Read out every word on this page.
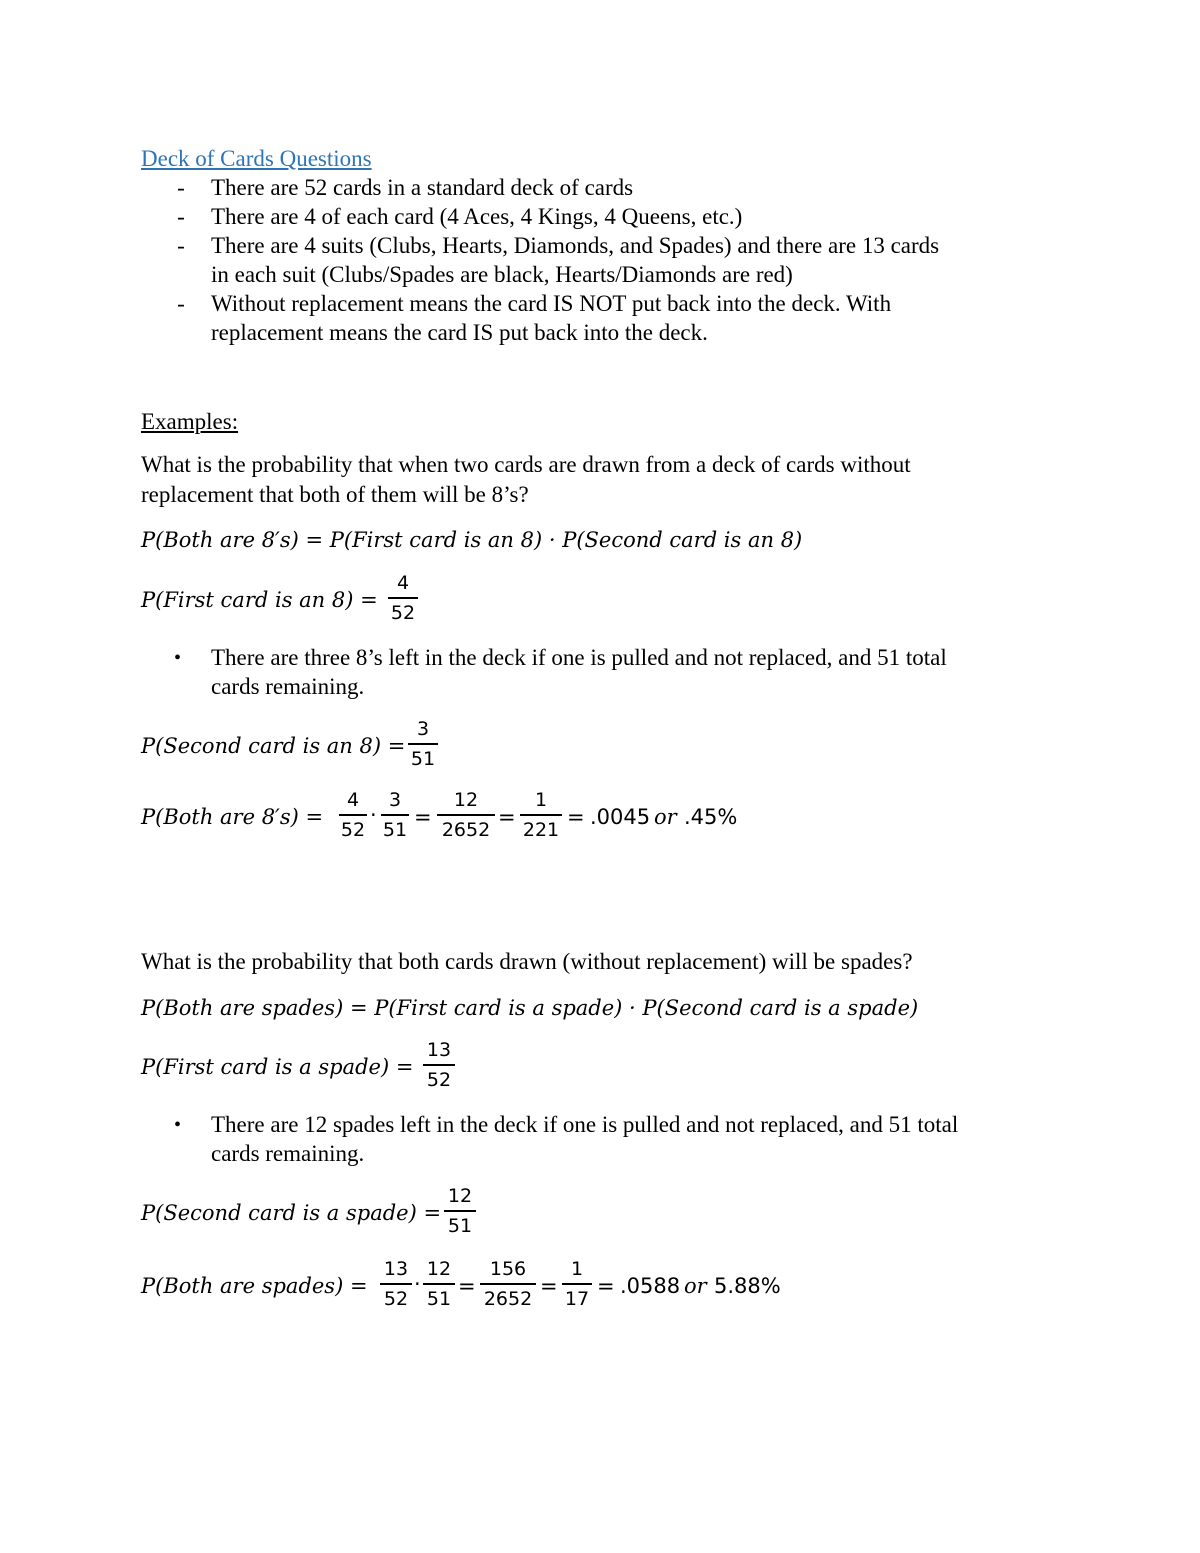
Deck of Cards Questions
- There are 52 cards in a standard deck of cards
- There are 4 of each card (4 Aces, 4 Kings, 4 Queens, etc.)
- There are 4 suits (Clubs, Hearts, Diamonds, and Spades) and there are 13 cards
in each suit (Clubs/Spades are black, Hearts/Diamonds are red)
- Without replacement means the card IS NOT put back into the deck. With
replacement means the card IS put back into the deck.
Examples:
What is the probability that when two cards are drawn from a deck of cards without
replacement that both of them will be 8’s?
P(Both are 8′s) = P(First card is an 8) · P(Second card is an 8)
P(First card is an 8) =
4
52
• There are three 8’s left in the deck if one is pulled and not replaced, and 51 total
cards remaining.
P(Second card is an 8) =
3
51
P(Both are 8′s) =
4
52
·
3
51
=
12
2652
=
1
221
= .0045 or .45%
What is the probability that both cards drawn (without replacement) will be spades?
P(Both are spades) = P(First card is a spade) · P(Second card is a spade)
P(First card is a spade) =
13
52
• There are 12 spades left in the deck if one is pulled and not replaced, and 51 total
cards remaining.
P(Second card is a spade) =
12
51
P(Both are spades) =
13
52
·
12
51
=
156
2652
=
1
17
= .0588 or 5.88%
